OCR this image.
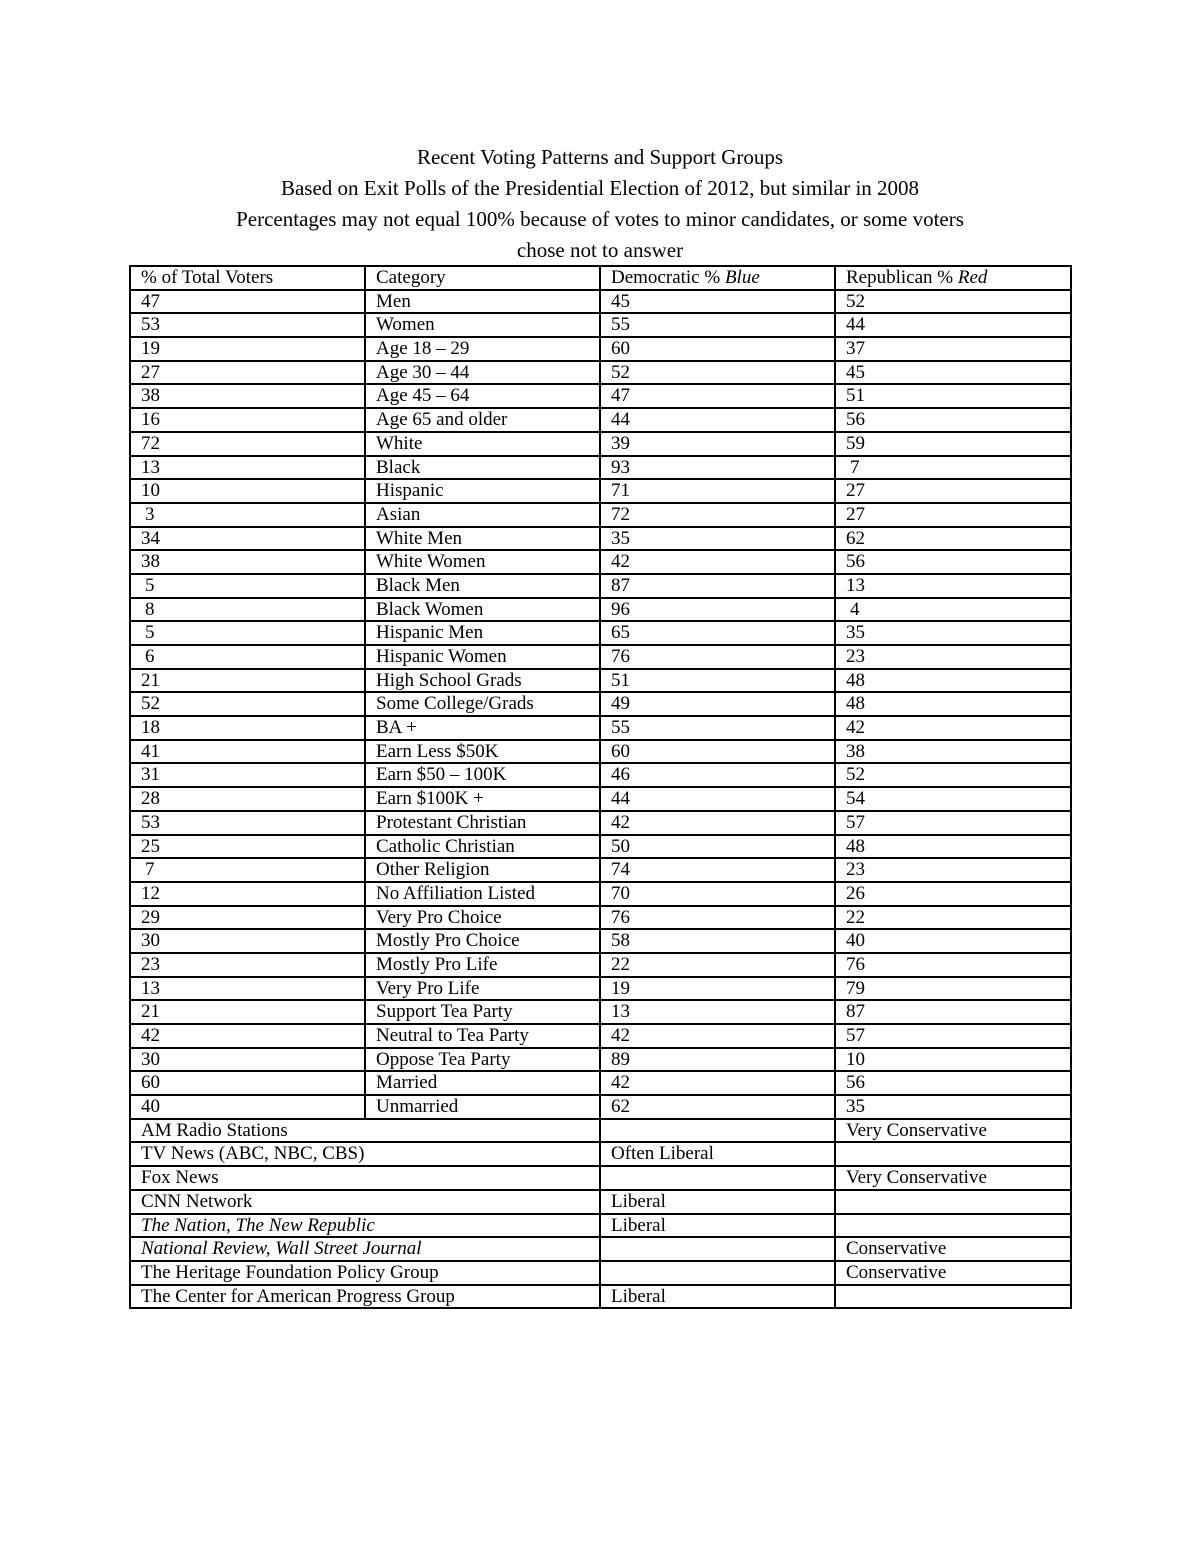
Recent Voting Patterns and Support Groups
Based on Exit Polls of the Presidential Election of 2012, but similar in 2008
Percentages may not equal 100% because of votes to minor candidates, or some voters
chose not to answer
% of Total Voters	Category	Democratic % Blue	Republican % Red
47	Men	45	52
53	Women	55	44
19	Age 18 – 29	60	37
27	Age 30 – 44	52	45
38	Age 45 – 64	47	51
16	Age 65 and older	44	56
72	White	39	59
13	Black	93	7
10	Hispanic	71	27
3	Asian	72	27
34	White Men	35	62
38	White Women	42	56
5	Black Men	87	13
8	Black Women	96	4
5	Hispanic Men	65	35
6	Hispanic Women	76	23
21	High School Grads	51	48
52	Some College/Grads	49	48
18	BA +	55	42
41	Earn Less $50K	60	38
31	Earn $50 – 100K	46	52
28	Earn $100K +	44	54
53	Protestant Christian	42	57
25	Catholic Christian	50	48
7	Other Religion	74	23
12	No Affiliation Listed	70	26
29	Very Pro Choice	76	22
30	Mostly Pro Choice	58	40
23	Mostly Pro Life	22	76
13	Very Pro Life	19	79
21	Support Tea Party	13	87
42	Neutral to Tea Party	42	57
30	Oppose Tea Party	89	10
60	Married	42	56
40	Unmarried	62	35
AM Radio Stations			Very Conservative
TV News (ABC, NBC, CBS)		Often Liberal	
Fox News			Very Conservative
CNN Network		Liberal	
The Nation, The New Republic		Liberal	
National Review, Wall Street Journal			Conservative
The Heritage Foundation Policy Group			Conservative
The Center for American Progress Group		Liberal	
